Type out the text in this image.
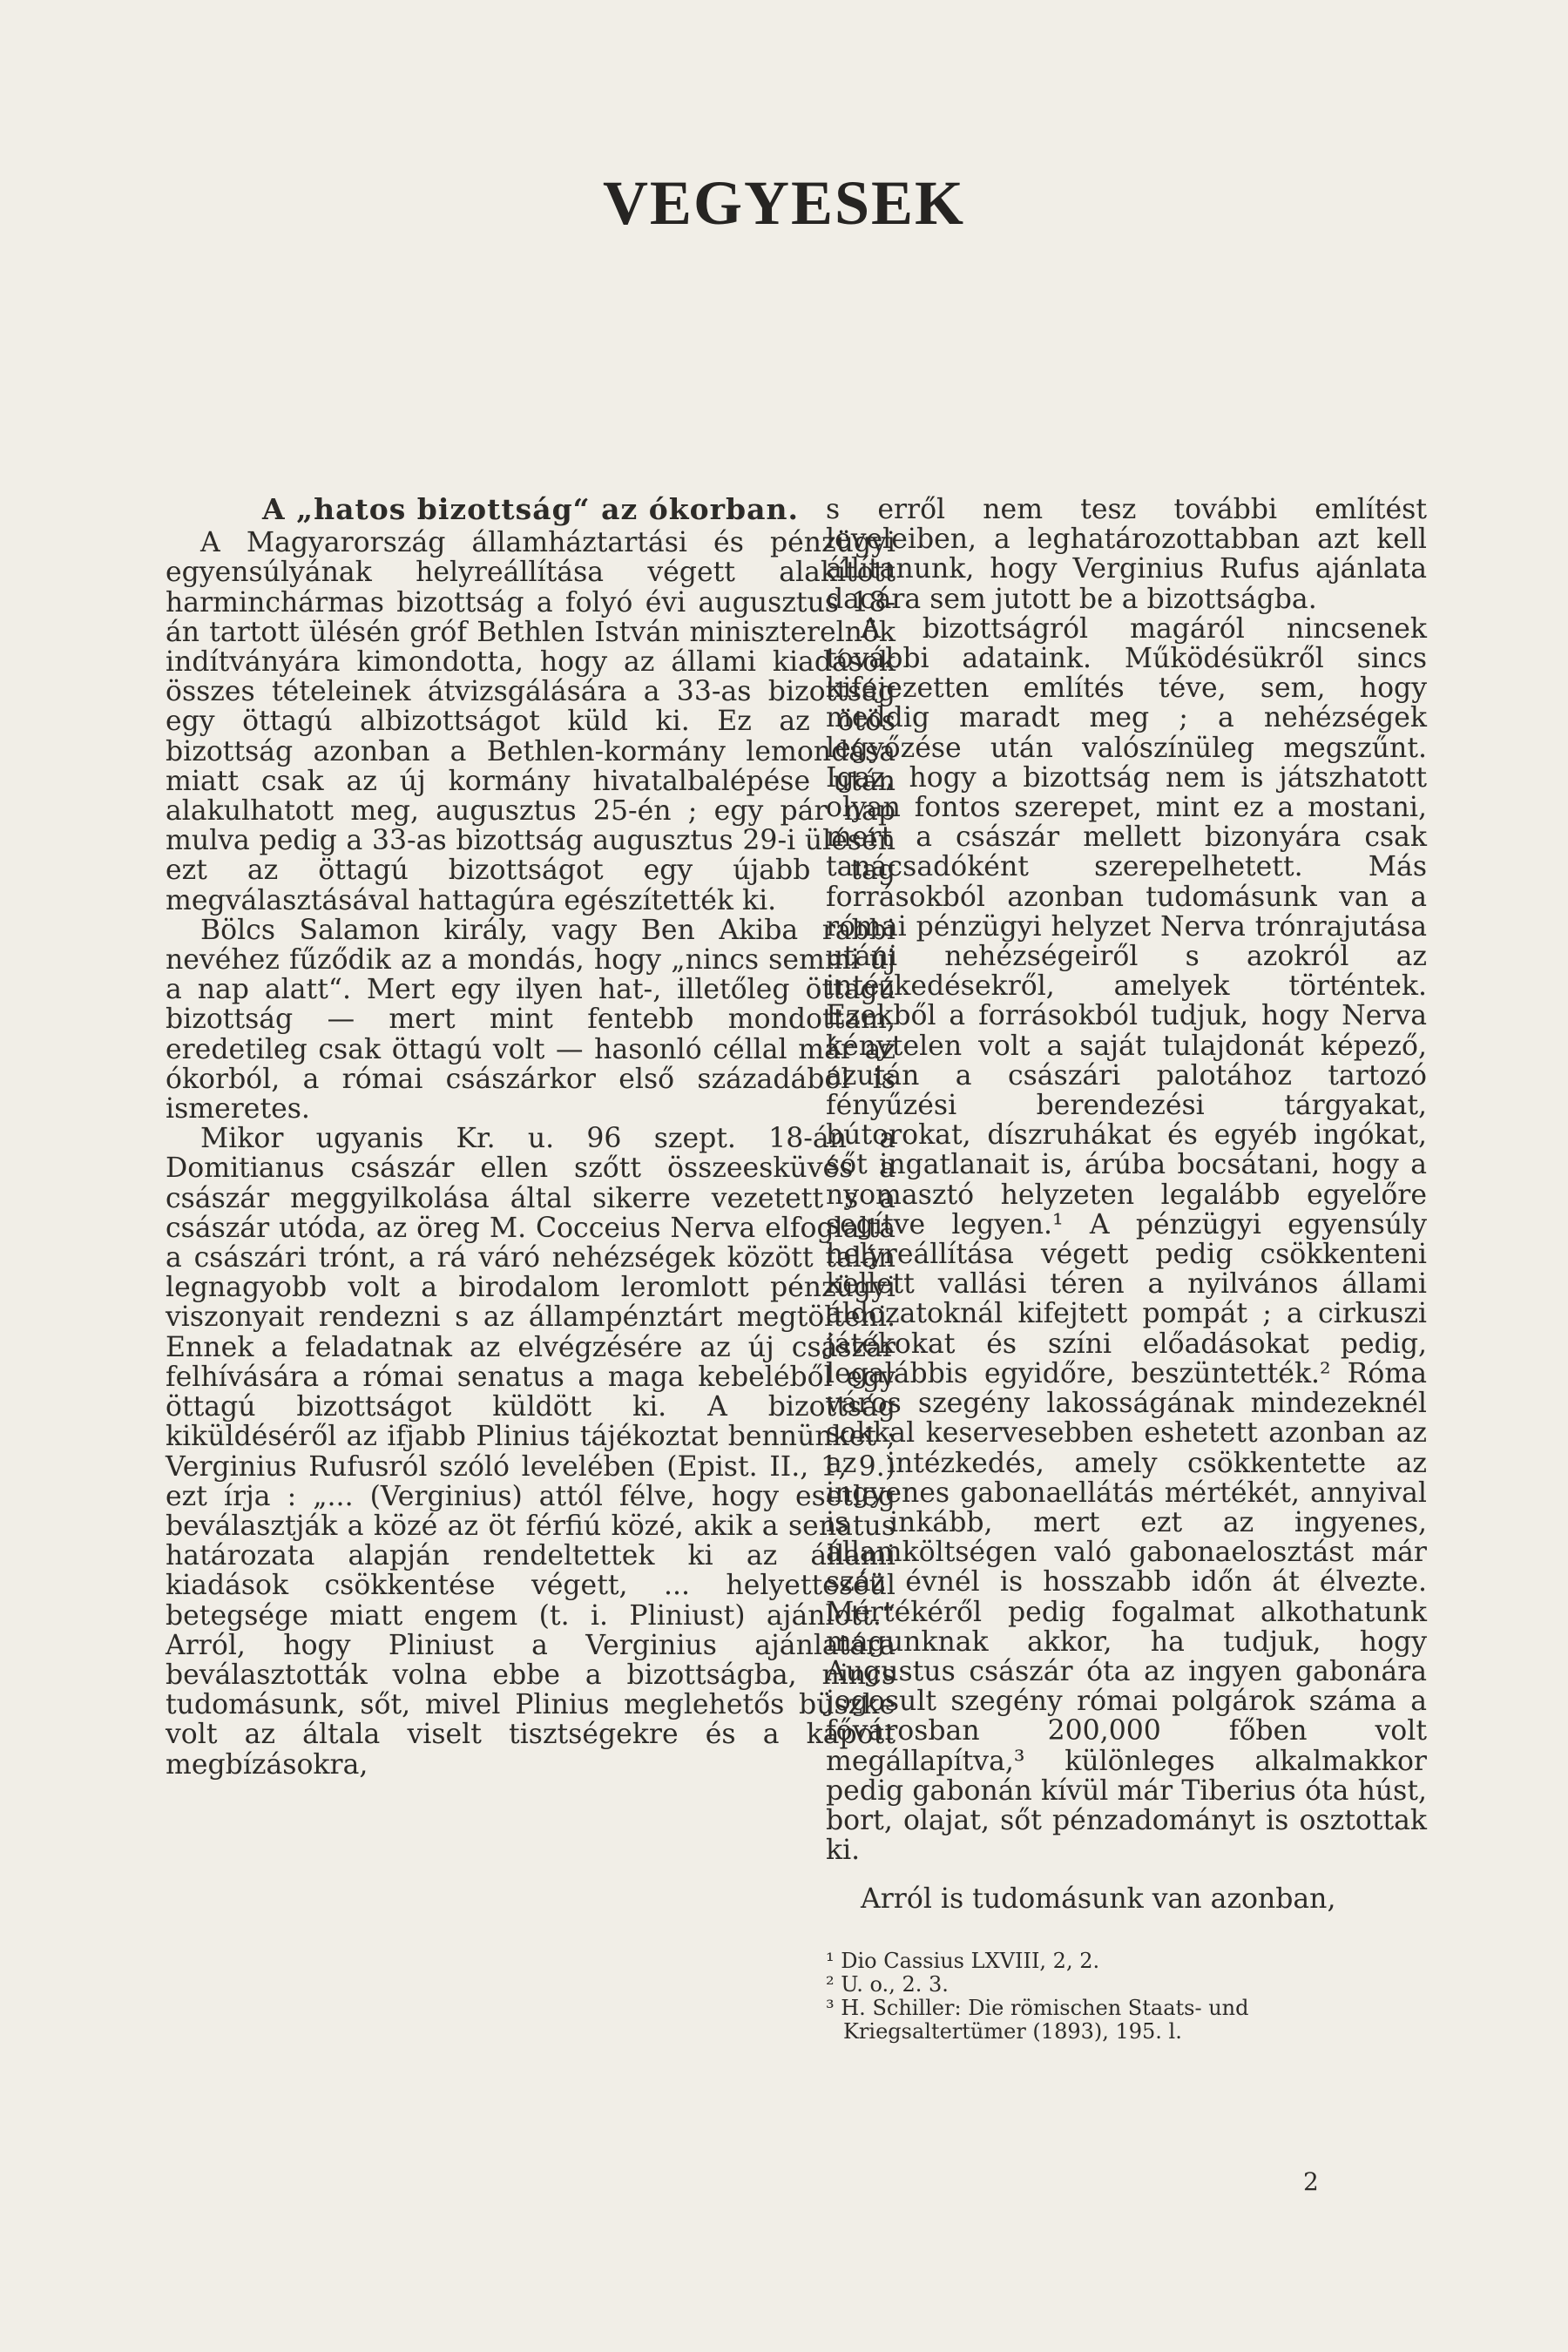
VEGYESEK
A „hatos bizottság“ az ókorban.

A Magyarország államháztartási és pénzügyi egyensúlyának helyreállítása végett alakított harminchármas bizottság a folyó évi augusztus 18-án tartott ülésén gróf Bethlen István miniszterelnök indítványára kimondotta, hogy az állami kiadások összes tételeinek átvizsgálására a 33-as bizottság egy öttagú albizottságot küld ki. Ez az ötös bizottság azonban a Bethlen-kormány lemondása miatt csak az új kormány hivatalbalépése után alakulhatott meg, augusztus 25-én ; egy pár nap mulva pedig a 33-as bizottság augusztus 29-i ülésén ezt az öttagú bizottságot egy újabb tag megválasztásával hattagúra egészítették ki.

Bölcs Salamon király, vagy Ben Akiba rabbi nevéhez fűződik az a mondás, hogy „nincs semmi új a nap alatt“. Mert egy ilyen hat-, illetőleg öttagú bizottság — mert mint fentebb mondottam, eredetileg csak öttagú volt — hasonló céllal már az ókorból, a római császárkor első századából is ismeretes.

Mikor ugyanis Kr. u. 96 szept. 18-án a Domitianus császár ellen szőtt összeesküvés a császár meggyilkolása által sikerre vezetett s a császár utóda, az öreg M. Cocceius Nerva elfoglalta a császári trónt, a rá váró nehézségek között talán legnagyobb volt a birodalom leromlott pénzügyi viszonyait rendezni s az állampénztárt megtölteni. Ennek a feladatnak az elvégzésére az új császár felhívására a római senatus a maga kebeléből egy öttagú bizottságot küldött ki. A bizottság kiküldéséről az ifjabb Plinius tájékoztat bennünket ; Verginius Rufusról szóló levelében (Epist. II., 1, 9.) ezt írja : „... (Verginius) attól félve, hogy esetleg beválasztják a közé az öt férfiú közé, akik a senatus határozata alapján rendeltettek ki az állami kiadások csökkentése végett, ... helyetteséül betegsége miatt engem (t. i. Pliniust) ajánlott.“ Arról, hogy Pliniust a Verginius ajánlatára beválasztották volna ebbe a bizottságba, nincs tudomásunk, sőt, mivel Plinius meglehetős büszke volt az általa viselt tisztségekre és a kapott megbízásokra,

s erről nem tesz további említést leveleiben, a leghatározottabban azt kell állítanunk, hogy Verginius Rufus ajánlata dacára sem jutott be a bizottságba.

A bizottságról magáról nincsenek további adataink. Működésükről sincs kifejezetten említés téve, sem, hogy meddig maradt meg ; a nehézségek legyőzése után valószínüleg megszűnt. Igaz, hogy a bizottság nem is játszhatott olyan fontos szerepet, mint ez a mostani, mert a császár mellett bizonyára csak tanácsadóként szerepelhetett. Más forrásokból azonban tudomásunk van a római pénzügyi helyzet Nerva trónrajutása utáni nehézségeiről s azokról az intézkedésekről, amelyek történtek. Ezekből a forrásokból tudjuk, hogy Nerva kénytelen volt a saját tulajdonát képező, azután a császári palotához tartozó fényűzési berendezési tárgyakat, bútorokat, díszruhákat és egyéb ingókat, sőt ingatlanait is, árúba bocsátani, hogy a nyomasztó helyzeten legalább egyelőre segítve legyen.¹ A pénzügyi egyensúly helyreállítása végett pedig csökkenteni kellett vallási téren a nyilvános állami áldozatoknál kifejtett pompát ; a cirkuszi játékokat és színi előadásokat pedig, legalábbis egyidőre, beszüntették.² Róma város szegény lakosságának mindezeknél sokkal keservesebben eshetett azonban az az intézkedés, amely csökkentette az ingyenes gabonaellátás mértékét, annyival is inkább, mert ezt az ingyenes, államköltségen való gabonaelosztást már száz évnél is hosszabb időn át élvezte. Mértékéről pedig fogalmat alkothatunk magunknak akkor, ha tudjuk, hogy Augustus császár óta az ingyen gabonára jogosult szegény római polgárok száma a fővárosban 200,000 főben volt megállapítva,³ különleges alkalmakkor pedig gabonán kívül már Tiberius óta húst, bort, olajat, sőt pénzadományt is osztottak ki.

Arról is tudomásunk van azonban,

¹ Dio Cassius LXVIII, 2, 2.

² U. o., 2. 3.

³ H. Schiller: Die römischen Staats- und Kriegsaltertümer (1893), 195. l.

2
